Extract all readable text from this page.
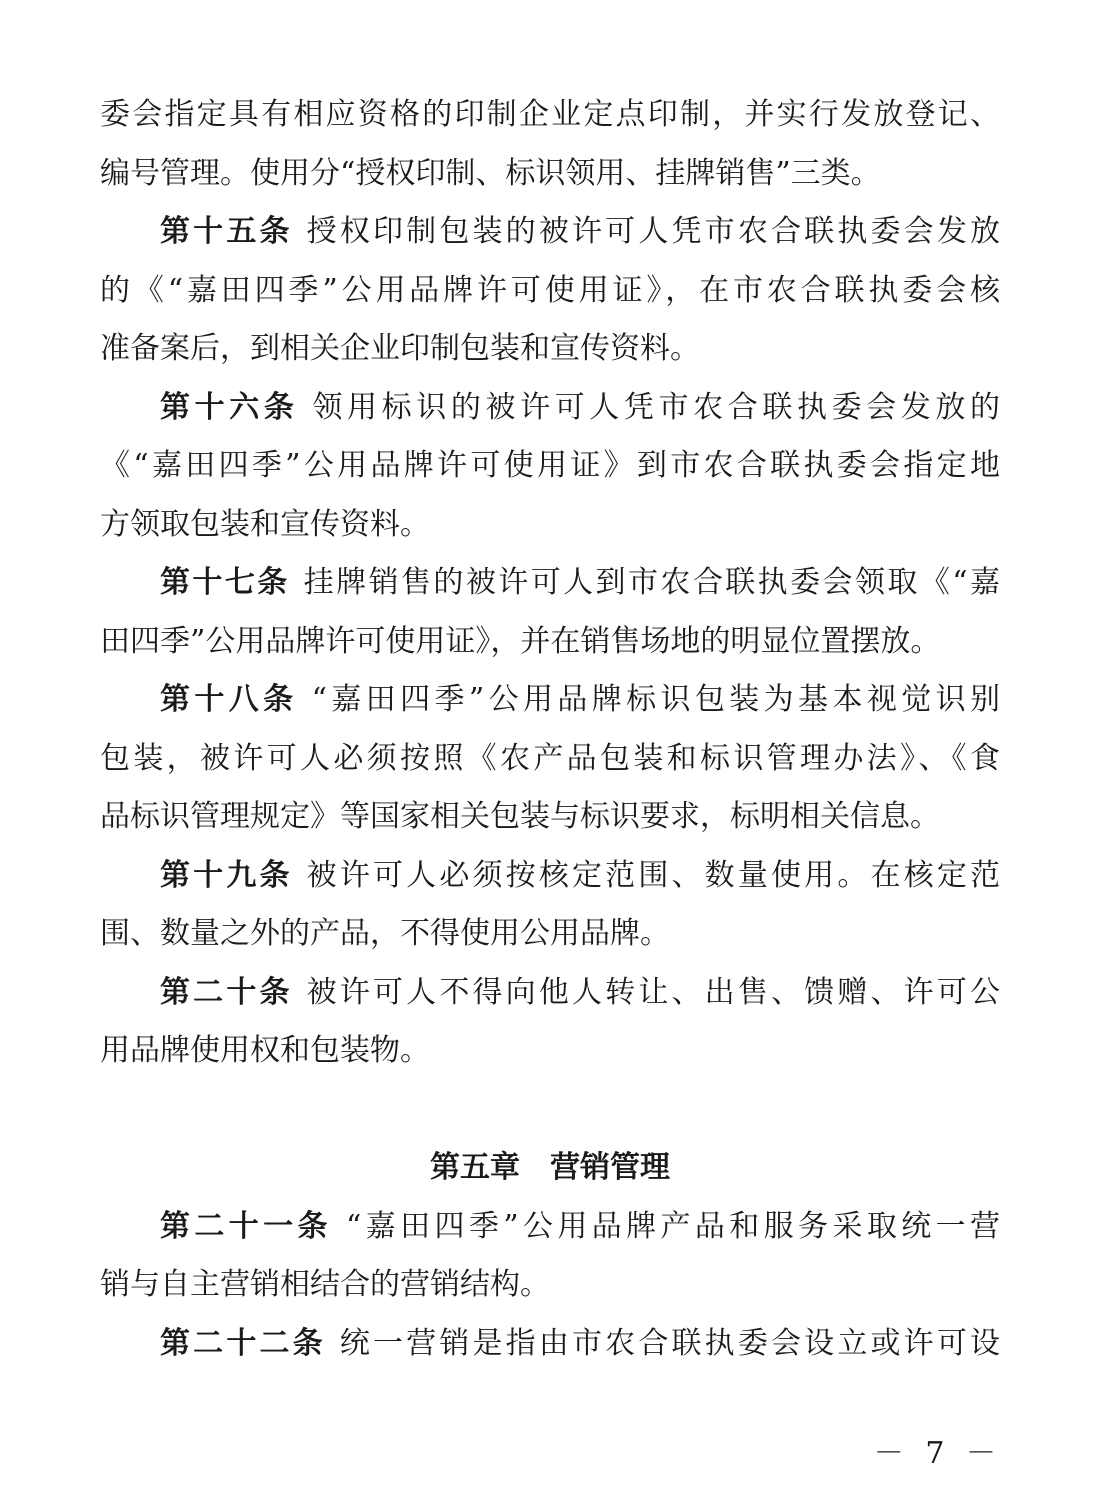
委会指定具有相应资格的印制企业定点印制，并实行发放登记、
编号管理。使用分“授权印制、标识领用、挂牌销售”三类。
第十五条 授权印制包装的被许可人凭市农合联执委会发放
的《“嘉田四季”公用品牌许可使用证》，在市农合联执委会核
准备案后，到相关企业印制包装和宣传资料。
第十六条 领用标识的被许可人凭市农合联执委会发放的
《“嘉田四季”公用品牌许可使用证》到市农合联执委会指定地
方领取包装和宣传资料。
第十七条 挂牌销售的被许可人到市农合联执委会领取《“嘉
田四季”公用品牌许可使用证》，并在销售场地的明显位置摆放。
第十八条 “嘉田四季”公用品牌标识包装为基本视觉识别
包装，被许可人必须按照《农产品包装和标识管理办法》、《食
品标识管理规定》等国家相关包装与标识要求，标明相关信息。
第十九条 被许可人必须按核定范围、数量使用。在核定范
围、数量之外的产品，不得使用公用品牌。
第二十条 被许可人不得向他人转让、出售、馈赠、许可公
用品牌使用权和包装物。
第五章 营销管理
第二十一条 “嘉田四季”公用品牌产品和服务采取统一营
销与自主营销相结合的营销结构。
第二十二条 统一营销是指由市农合联执委会设立或许可设
－ 7 －
